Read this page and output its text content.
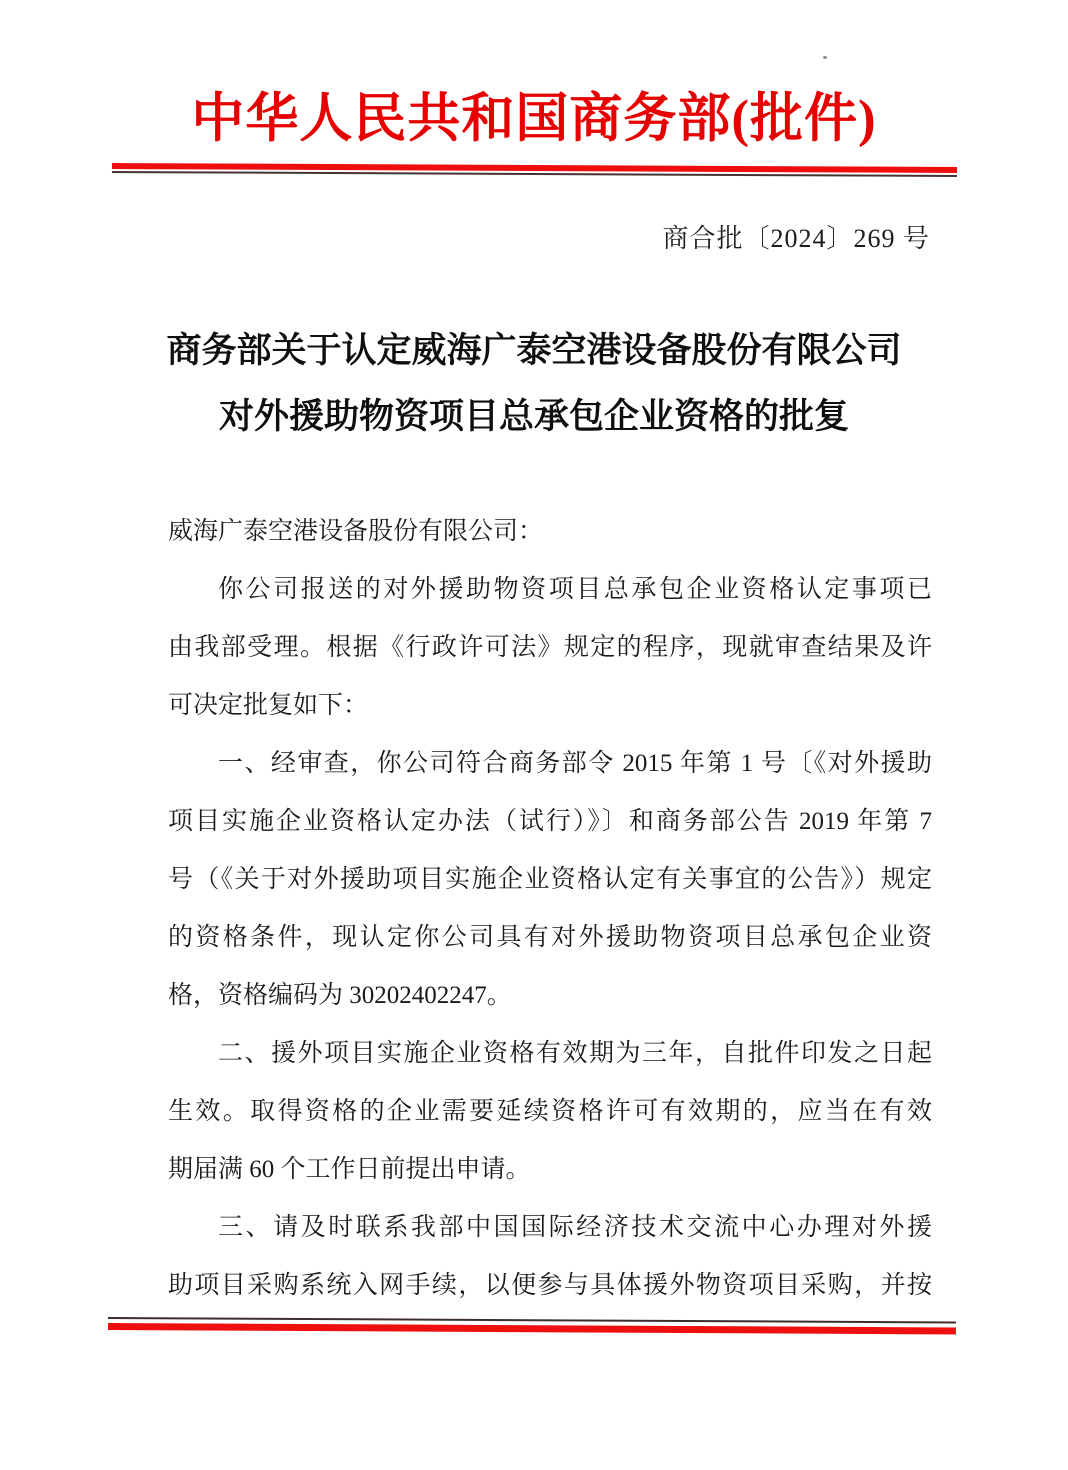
中华人民共和国商务部(批件)
商合批〔2024〕269 号
商务部关于认定威海广泰空港设备股份有限公司
对外援助物资项目总承包企业资格的批复
威海广泰空港设备股份有限公司：
你公司报送的对外援助物资项目总承包企业资格认定事项已
由我部受理。根据《行政许可法》规定的程序，现就审查结果及许
可决定批复如下：
一、经审查，你公司符合商务部令 2015 年第 1 号〔《对外援助
项目实施企业资格认定办法（试行）》〕和商务部公告 2019 年第 7
号（《关于对外援助项目实施企业资格认定有关事宜的公告》）规定
的资格条件，现认定你公司具有对外援助物资项目总承包企业资
格，资格编码为 30202402247。
二、援外项目实施企业资格有效期为三年，自批件印发之日起
生效。取得资格的企业需要延续资格许可有效期的，应当在有效
期届满 60 个工作日前提出申请。
三、请及时联系我部中国国际经济技术交流中心办理对外援
助项目采购系统入网手续，以便参与具体援外物资项目采购，并按
